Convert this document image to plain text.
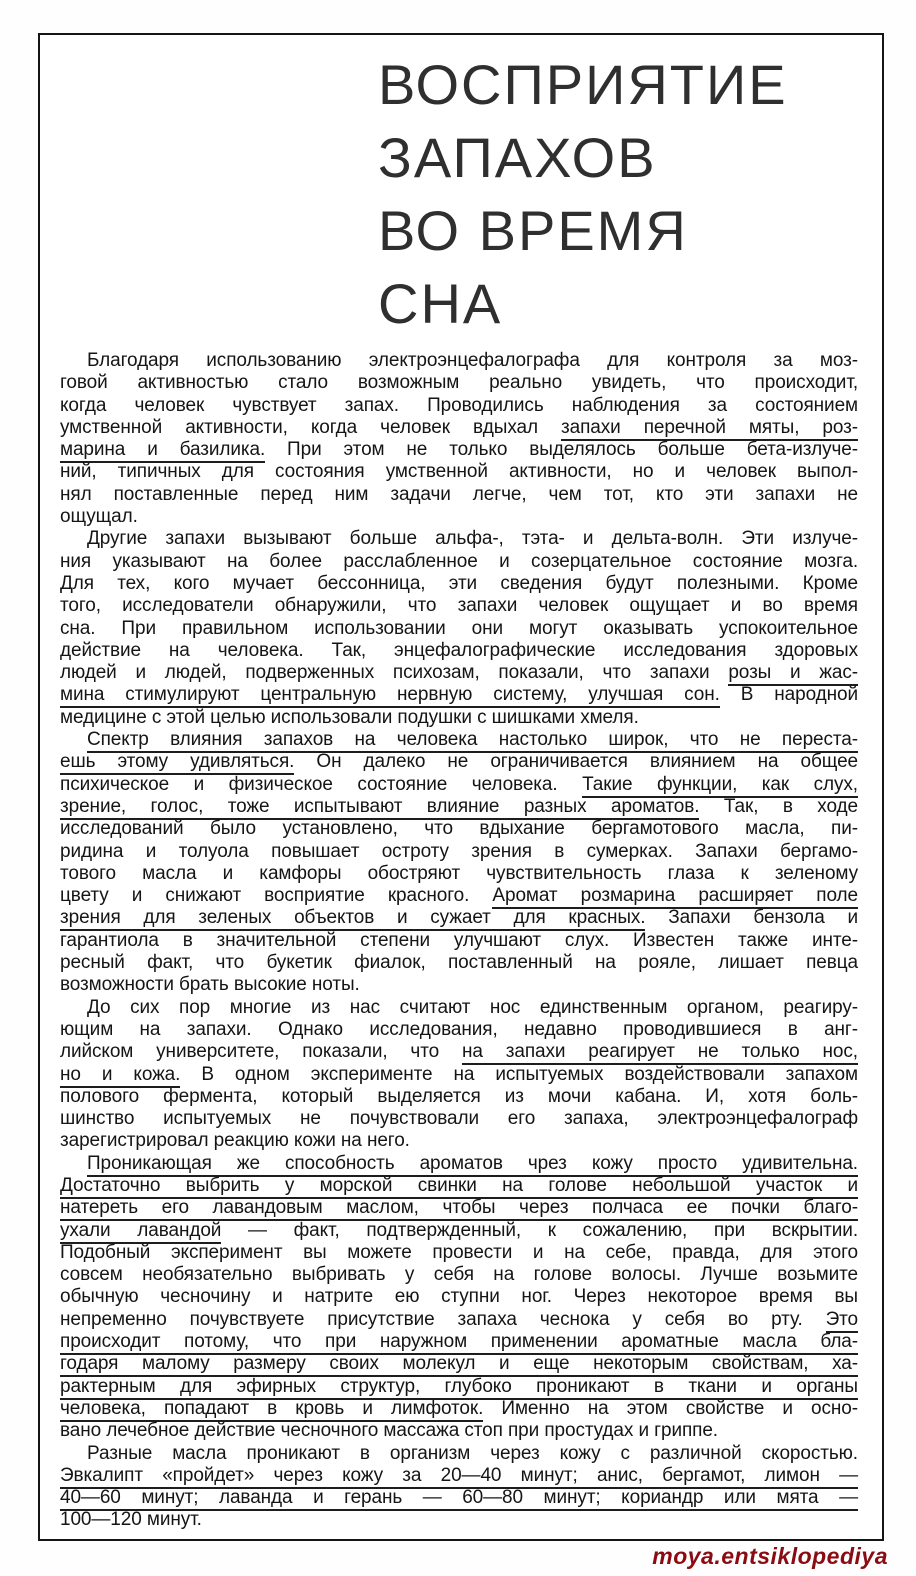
ВОСПРИЯТИЕ
ЗАПАХОВ
ВО ВРЕМЯ
СНА
Благодаря использованию электроэнцефалографа для контроля за моз-
говой активностью стало возможным реально увидеть, что происходит,
когда человек чувствует запах. Проводились наблюдения за состоянием
умственной активности, когда человек вдыхал запахи перечной мяты, роз-
марина и базилика. При этом не только выделялось больше бета-излуче-
ний, типичных для состояния умственной активности, но и человек выпол-
нял поставленные перед ним задачи легче, чем тот, кто эти запахи не
ощущал.
Другие запахи вызывают больше альфа-, тэта- и дельта-волн. Эти излуче-
ния указывают на более расслабленное и созерцательное состояние мозга.
Для тех, кого мучает бессонница, эти сведения будут полезными. Кроме
того, исследователи обнаружили, что запахи человек ощущает и во время
сна. При правильном использовании они могут оказывать успокоительное
действие на человека. Так, энцефалографические исследования здоровых
людей и людей, подверженных психозам, показали, что запахи розы и жас-
мина стимулируют центральную нервную систему, улучшая сон. В народной
медицине с этой целью использовали подушки с шишками хмеля.
Спектр влияния запахов на человека настолько широк, что не переста-
ешь этому удивляться. Он далеко не ограничивается влиянием на общее
психическое и физическое состояние человека. Такие функции, как слух,
зрение, голос, тоже испытывают влияние разных ароматов. Так, в ходе
исследований было установлено, что вдыхание бергамотового масла, пи-
ридина и толуола повышает остроту зрения в сумерках. Запахи бергамо-
тового масла и камфоры обостряют чувствительность глаза к зеленому
цвету и снижают восприятие красного. Аромат розмарина расширяет поле
зрения для зеленых объектов и сужает для красных. Запахи бензола и
гарантиола в значительной степени улучшают слух. Известен также инте-
ресный факт, что букетик фиалок, поставленный на рояле, лишает певца
возможности брать высокие ноты.
До сих пор многие из нас считают нос единственным органом, реагиру-
ющим на запахи. Однако исследования, недавно проводившиеся в анг-
лийском университете, показали, что на запахи реагирует не только нос,
но и кожа. В одном эксперименте на испытуемых воздействовали запахом
полового фермента, который выделяется из мочи кабана. И, хотя боль-
шинство испытуемых не почувствовали его запаха, электроэнцефалограф
зарегистрировал реакцию кожи на него.
Проникающая же способность ароматов чрез кожу просто удивительна.
Достаточно выбрить у морской свинки на голове небольшой участок и
натереть его лавандовым маслом, чтобы через полчаса ее почки благо-
ухали лавандой — факт, подтвержденный, к сожалению, при вскрытии.
Подобный эксперимент вы можете провести и на себе, правда, для этого
совсем необязательно выбривать у себя на голове волосы. Лучше возьмите
обычную чесночину и натрите ею ступни ног. Через некоторое время вы
непременно почувствуете присутствие запаха чеснока у себя во рту. Это
происходит потому, что при наружном применении ароматные масла бла-
годаря малому размеру своих молекул и еще некоторым свойствам, ха-
рактерным для эфирных структур, глубоко проникают в ткани и органы
человека, попадают в кровь и лимфоток. Именно на этом свойстве и осно-
вано лечебное действие чесночного массажа стоп при простудах и гриппе.
Разные масла проникают в организм через кожу с различной скоростью.
Эвкалипт «пройдет» через кожу за 20—40 минут; анис, бергамот, лимон —
40—60 минут; лаванда и герань — 60—80 минут; кориандр или мята —
100—120 минут.
moya.entsiklopediya
